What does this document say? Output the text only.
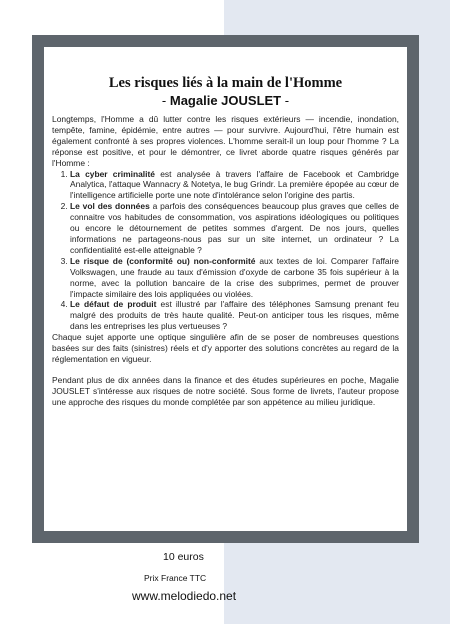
Les risques liés à la main de l'Homme
- Magalie JOUSLET -

Longtemps, l'Homme a dû lutter contre les risques extérieurs — incendie, inondation, tempête, famine, épidémie, entre autres — pour survivre. Aujourd'hui, l'être humain est également confronté à ses propres violences. L'homme serait-il un loup pour l'homme ? La réponse est positive, et pour le démontrer, ce livret aborde quatre risques générés par l'Homme :

1. La cyber criminalité est analysée à travers l'affaire de Facebook et Cambridge Analytica, l'attaque Wannacry & Notetya, le bug Grindr. La première épopée au cœur de l'intelligence artificielle porte une note d'intolérance selon l'origine des partis.
2. Le vol des données a parfois des conséquences beaucoup plus graves que celles de connaitre vos habitudes de consommation, vos aspirations idéologiques ou politiques ou encore le détournement de petites sommes d'argent. De nos jours, quelles informations ne partageons-nous pas sur un site internet, un ordinateur ? La confidentialité est-elle atteignable ?
3. Le risque de (conformité ou) non-conformité aux textes de loi. Comparer l'affaire Volkswagen, une fraude au taux d'émission d'oxyde de carbone 35 fois supérieur à la norme, avec la pollution bancaire de la crise des subprimes, permet de prouver l'impacte similaire des lois appliquées ou violées.
4. Le défaut de produit est illustré par l'affaire des téléphones Samsung prenant feu malgré des produits de très haute qualité. Peut-on anticiper tous les risques, même dans les entreprises les plus vertueuses ?

Chaque sujet apporte une optique singulière afin de se poser de nombreuses questions basées sur des faits (sinistres) réels et d'y apporter des solutions concrètes au regard de la réglementation en vigueur.

Pendant plus de dix années dans la finance et des études supérieures en poche, Magalie JOUSLET s'intéresse aux risques de notre société. Sous forme de livrets, l'auteur propose une approche des risques du monde complétée par son appétence au milieu juridique.

10 euros
Prix France TTC
www.melodiedo.net
